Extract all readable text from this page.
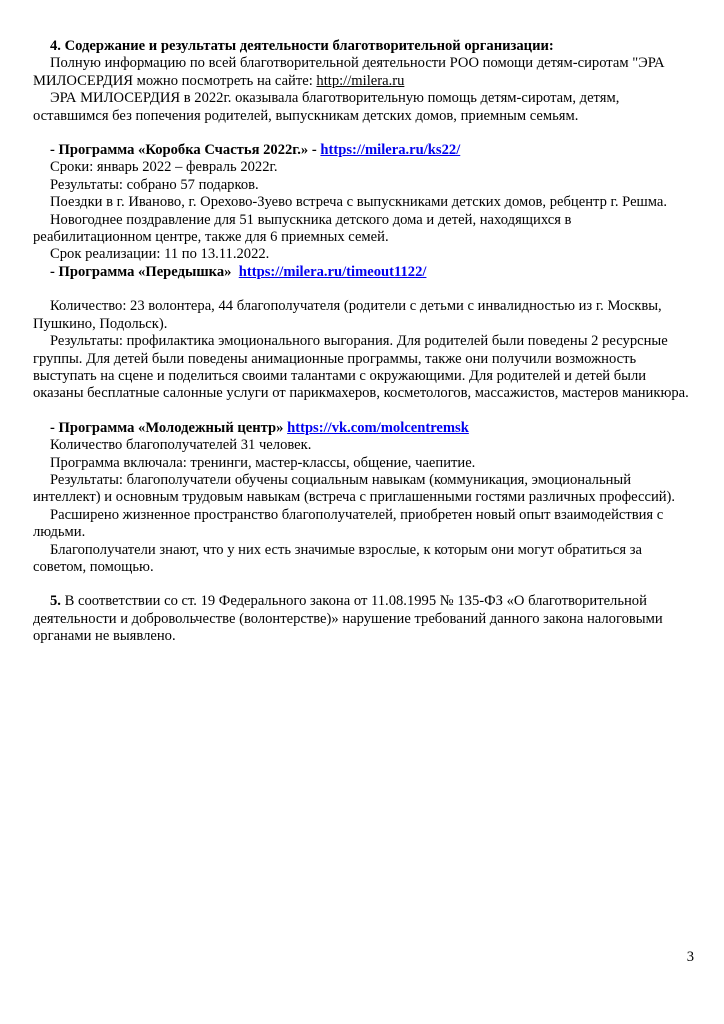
4. Содержание и результаты деятельности благотворительной организации:

Полную информацию по всей благотворительной деятельности РОО помощи детям-сиротам "ЭРА МИЛОСЕРДИЯ можно посмотреть на сайте: http://milera.ru

ЭРА МИЛОСЕРДИЯ в 2022г. оказывала благотворительную помощь детям-сиротам, детям, оставшимся без попечения родителей, выпускникам детских домов, приемным семьям.

- Программа «Коробка Счастья 2022г.» - https://milera.ru/ks22/

Сроки: январь 2022 – февраль 2022г.

Результаты: собрано 57 подарков.

Поездки в г. Иваново, г. Орехово-Зуево встреча с выпускниками детских домов, ребцентр г. Решма.

Новогоднее поздравление для 51 выпускника детского дома и детей, находящихся в реабилитационном центре, также для 6 приемных семей.

Срок реализации: 11 по 13.11.2022.

- Программа «Передышка» https://milera.ru/timeout1122/

Количество: 23 волонтера, 44 благополучателя (родители с детьми с инвалидностью из г. Москвы, Пушкино, Подольск).

Результаты: профилактика эмоционального выгорания. Для родителей были поведены 2 ресурсные группы. Для детей были поведены анимационные программы, также они получили возможность выступать на сцене и поделиться своими талантами с окружающими. Для родителей и детей были оказаны бесплатные салонные услуги от парикмахеров, косметологов, массажистов, мастеров маникюра.

- Программа «Молодежный центр» https://vk.com/molcentremsk

Количество благополучателей 31 человек.

Программа включала: тренинги, мастер-классы, общение, чаепитие.

Результаты: благополучатели обучены социальным навыкам (коммуникация, эмоциональный интеллект) и основным трудовым навыкам (встреча с приглашенными гостями различных профессий).

Расширено жизненное пространство благополучателей, приобретен новый опыт взаимодействия с людьми.

Благополучатели знают, что у них есть значимые взрослые, к которым они могут обратиться за советом, помощью.

5. В соответствии со ст. 19 Федерального закона от 11.08.1995 № 135-ФЗ «О благотворительной деятельности и добровольчестве (волонтерстве)» нарушение требований данного закона налоговыми органами не выявлено.

3
